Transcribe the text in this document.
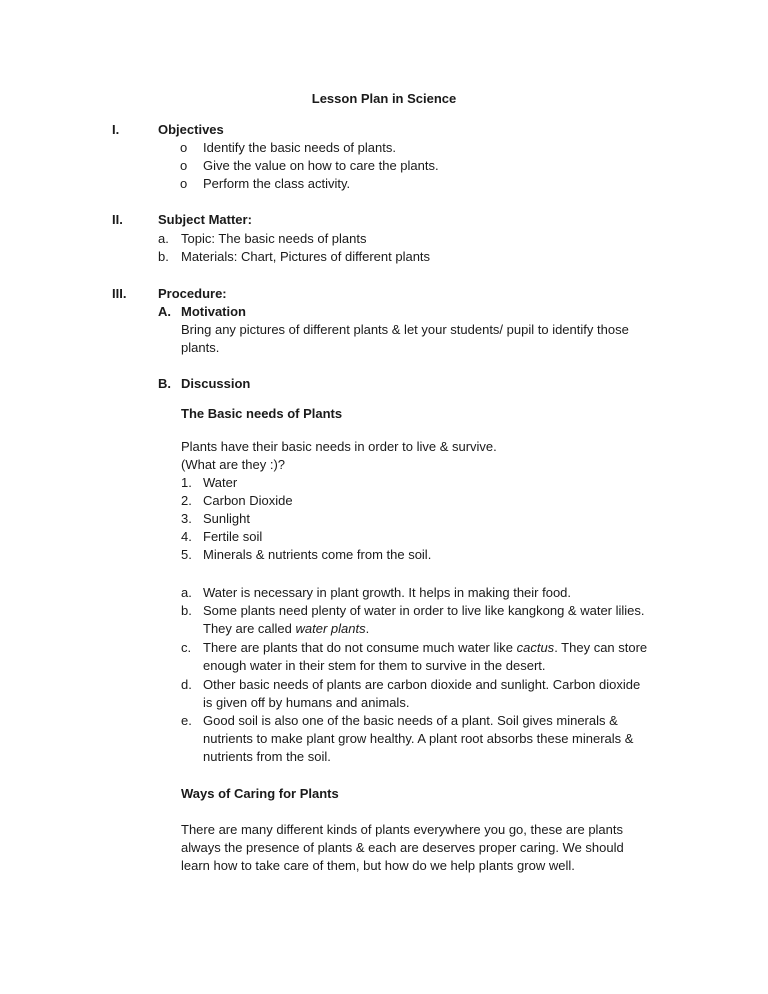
Lesson Plan in Science
I.	Objectives
o Identify the basic needs of plants.
o Give the value on how to care the plants.
o Perform the class activity.
II.	Subject Matter:
a. Topic: The basic needs of plants
b. Materials: Chart, Pictures of different plants
III. Procedure:
A. Motivation
Bring any pictures of different plants & let your students/ pupil to identify those
plants.
B. Discussion
The Basic needs of Plants
Plants have their basic needs in order to live & survive.
(What are they :)?
1. Water
2. Carbon Dioxide
3. Sunlight
4. Fertile soil
5. Minerals & nutrients come from the soil.
a. Water is necessary in plant growth. It helps in making their food.
b. Some plants need plenty of water in order to live like kangkong & water lilies.
They are called water plants.
c. There are plants that do not consume much water like cactus. They can store
enough water in their stem for them to survive in the desert.
d. Other basic needs of plants are carbon dioxide and sunlight. Carbon dioxide
is given off by humans and animals.
e. Good soil is also one of the basic needs of a plant. Soil gives minerals &
nutrients to make plant grow healthy. A plant root absorbs these minerals &
nutrients from the soil.
Ways of Caring for Plants
There are many different kinds of plants everywhere you go, these are plants
always the presence of plants & each are deserves proper caring. We should
learn how to take care of them, but how do we help plants grow well.
